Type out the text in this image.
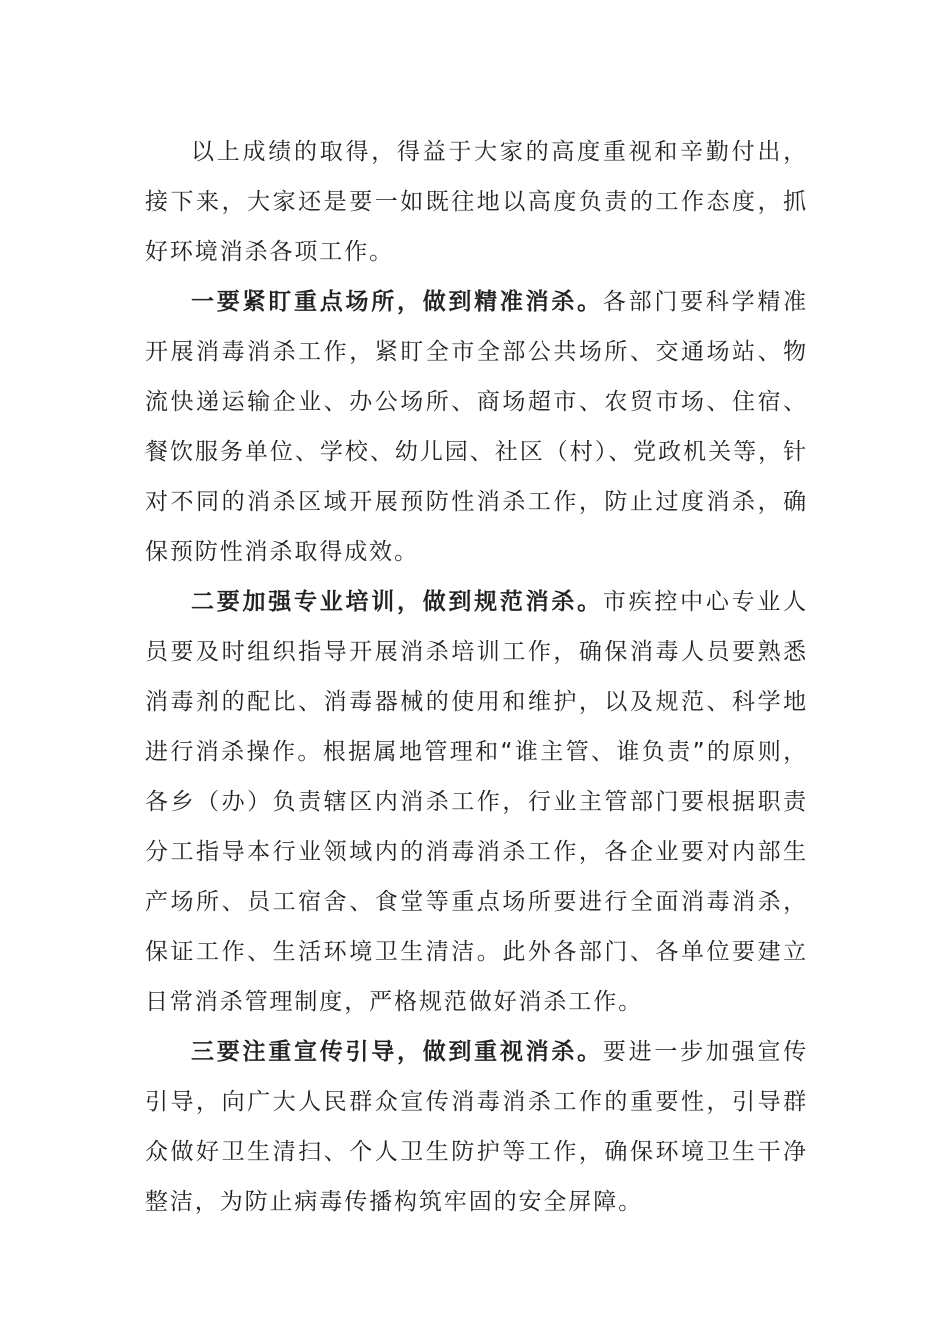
以上成绩的取得，得益于大家的高度重视和辛勤付出，接下来，大家还是要一如既往地以高度负责的工作态度，抓好环境消杀各项工作。

一要紧盯重点场所，做到精准消杀。各部门要科学精准开展消毒消杀工作，紧盯全市全部公共场所、交通场站、物流快递运输企业、办公场所、商场超市、农贸市场、住宿、餐饮服务单位、学校、幼儿园、社区（村）、党政机关等，针对不同的消杀区域开展预防性消杀工作，防止过度消杀，确保预防性消杀取得成效。

二要加强专业培训，做到规范消杀。市疾控中心专业人员要及时组织指导开展消杀培训工作，确保消毒人员要熟悉消毒剂的配比、消毒器械的使用和维护，以及规范、科学地进行消杀操作。根据属地管理和“谁主管、谁负责”的原则，各乡（办）负责辖区内消杀工作，行业主管部门要根据职责分工指导本行业领域内的消毒消杀工作，各企业要对内部生产场所、员工宿舍、食堂等重点场所要进行全面消毒消杀，保证工作、生活环境卫生清洁。此外各部门、各单位要建立日常消杀管理制度，严格规范做好消杀工作。

三要注重宣传引导，做到重视消杀。要进一步加强宣传引导，向广大人民群众宣传消毒消杀工作的重要性，引导群众做好卫生清扫、个人卫生防护等工作，确保环境卫生干净整洁，为防止病毒传播构筑牢固的安全屏障。
